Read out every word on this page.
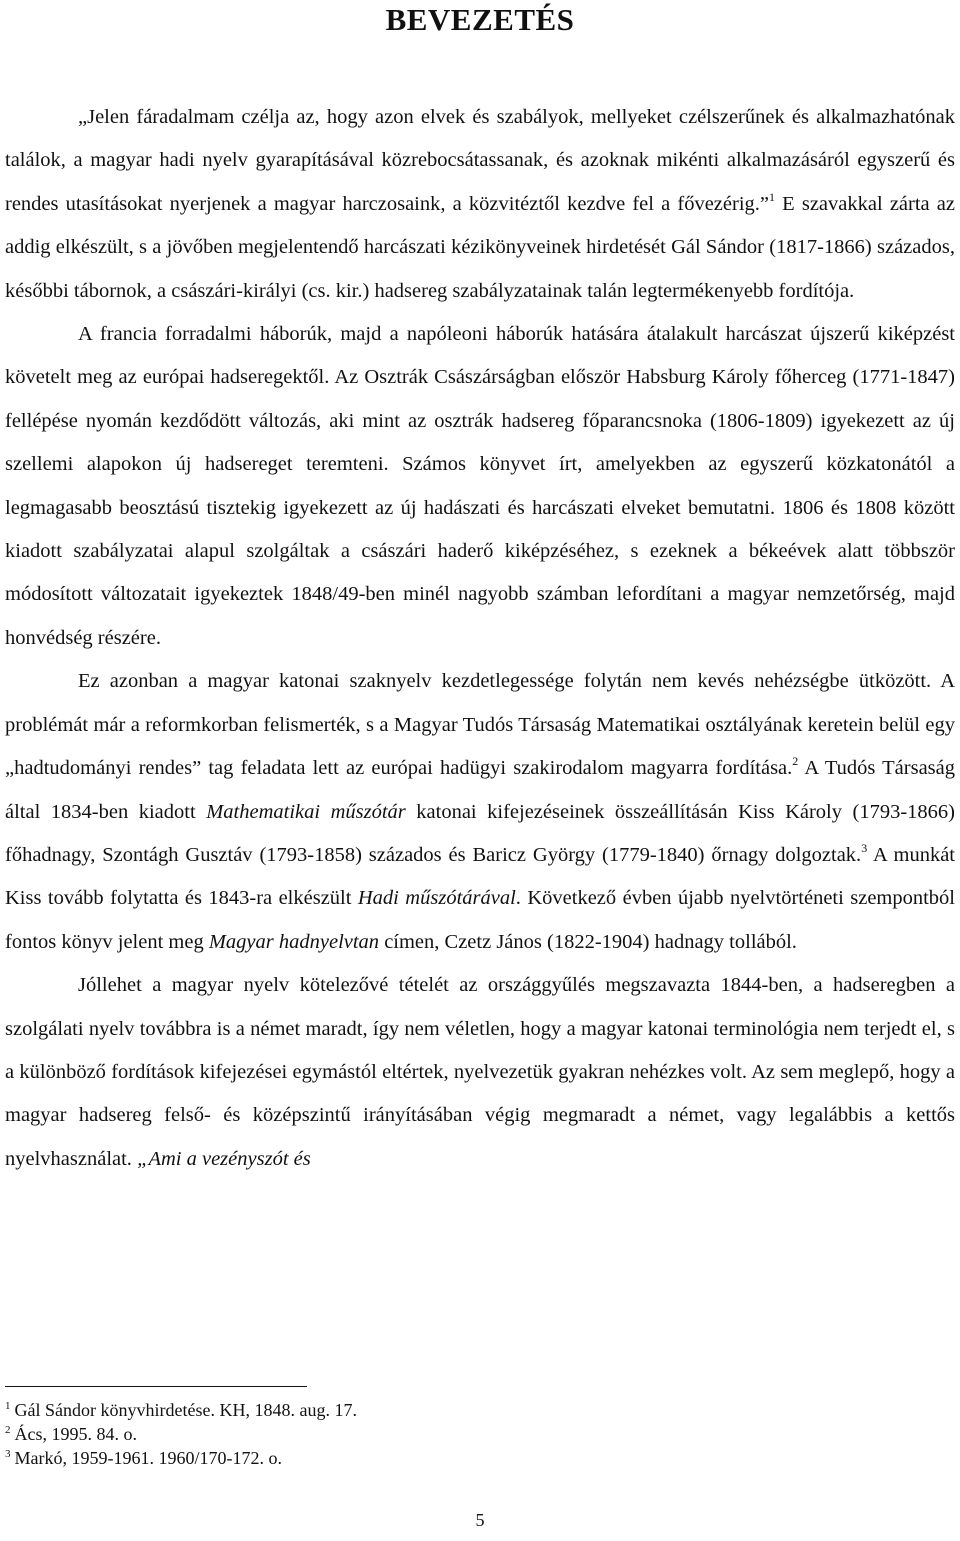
BEVEZETÉS

„Jelen fáradalmam czélja az, hogy azon elvek és szabályok, mellyeket czélszerűnek és alkalmazhatónak találok, a magyar hadi nyelv gyarapításával közrebocsátassanak, és azoknak mikénti alkalmazásáról egyszerű és rendes utasításokat nyerjenek a magyar harczosaink, a közvitéztől kezdve fel a fővezérig.”$^1$ E szavakkal zárta az addig elkészült, s a jövőben megjelentendő harcászati kézikönyveinek hirdetését Gál Sándor (1817-1866) százados, későbbi tábornok, a császári-királyi (cs. kir.) hadsereg szabályzatainak talán legtermékenyebb fordítója.

A francia forradalmi háborúk, majd a napóleoni háborúk hatására átalakult harcászat újszerű kiképzést követelt meg az európai hadseregektől. Az Osztrák Császárságban először Habsburg Károly főherceg (1771-1847) fellépése nyomán kezdődött változás, aki mint az osztrák hadsereg főparancsnoka (1806-1809) igyekezett az új szellemi alapokon új hadsereget teremteni. Számos könyvet írt, amelyekben az egyszerű közkatonától a legmagasabb beosztású tisztekig igyekezett az új hadászati és harcászati elveket bemutatni. 1806 és 1808 között kiadott szabályzatai alapul szolgáltak a császári haderő kiképzéséhez, s ezeknek a békeévek alatt többször módosított változatait igyekeztek 1848/49-ben minél nagyobb számban lefordítani a magyar nemzetőrség, majd honvédség részére.

Ez azonban a magyar katonai szaknyelv kezdetlegessége folytán nem kevés nehézségbe ütközött. A problémát már a reformkorban felismerték, s a Magyar Tudós Társaság Matematikai osztályának keretein belül egy „hadtudományi rendes” tag feladata lett az európai hadügyi szakirodalom magyarra fordítása.$^2$ A Tudós Társaság által 1834-ben kiadott Mathematikai műszótár katonai kifejezéseinek összeállításán Kiss Károly (1793-1866) főhadnagy, Szontágh Gusztáv (1793-1858) százados és Baricz György (1779-1840) őrnagy dolgoztak.$^3$ A munkát Kiss tovább folytatta és 1843-ra elkészült Hadi műszótárával. Következő évben újabb nyelvtörténeti szempontból fontos könyv jelent meg Magyar hadnyelvtan címen, Czetz János (1822-1904) hadnagy tollából.

Jóllehet a magyar nyelv kötelezővé tételét az országgyűlés megszavazta 1844-ben, a hadseregben a szolgálati nyelv továbbra is a német maradt, így nem véletlen, hogy a magyar katonai terminológia nem terjedt el, s a különböző fordítások kifejezései egymástól eltértek, nyelvezetük gyakran nehézkes volt. Az sem meglepő, hogy a magyar hadsereg felső- és középszintű irányításában végig megmaradt a német, vagy legalábbis a kettős nyelvhasználat. „Ami a vezényszót és

$^1$ Gál Sándor könyvhirdetése. KH, 1848. aug. 17.
$^2$ Ács, 1995. 84. o.
$^3$ Markó, 1959-1961. 1960/170-172. o.
5
